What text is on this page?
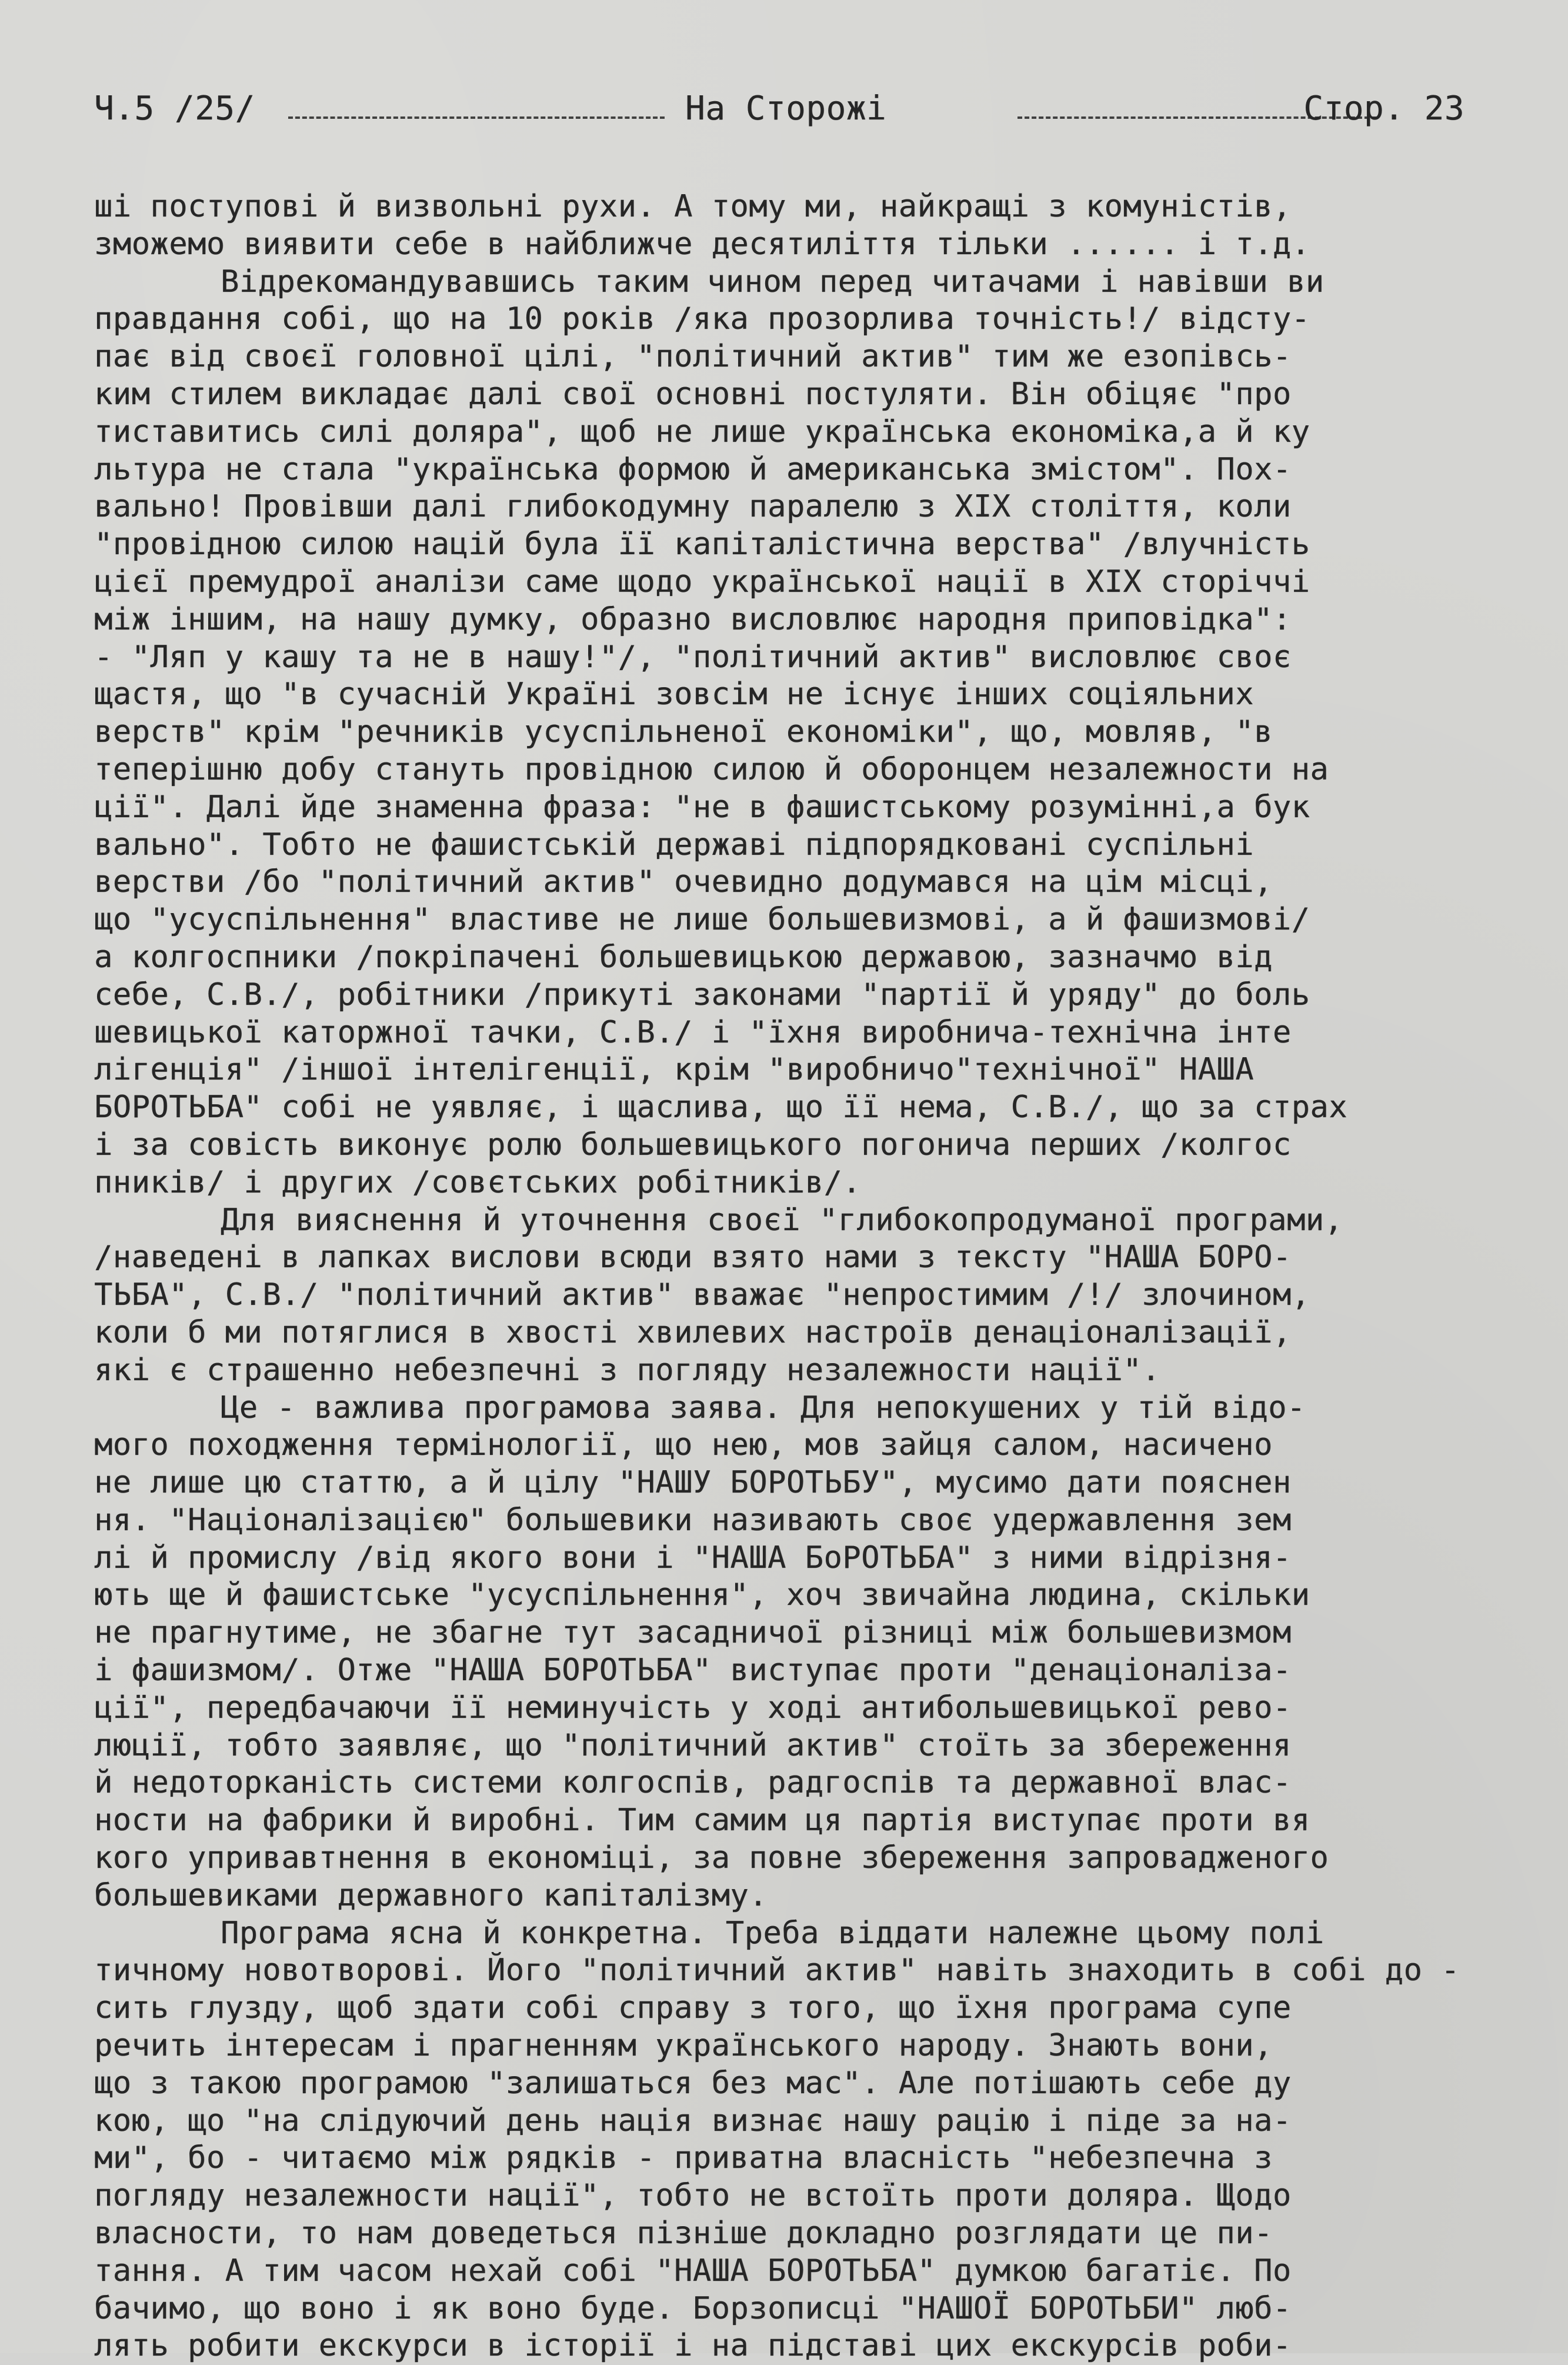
Ч.5 /25/

	На Сторожі

	Стор. 23

ші поступові й визвольні рухи. А тому ми, найкращі з комуністів,
зможемо виявити себе в найближче десятиліття тільки ...... і т.д.
Відрекомандувавшись таким чином перед читачами і навівши ви
правдання собі, що на 10 років /яка прозорлива точність!/ відсту-
пає від своєї головної цілі, "політичний актив" тим же езопівсь-
ким стилем викладає далі свої основні постуляти. Він обіцяє "про
тиставитись силі доляра", щоб не лише українська економіка,а й ку
льтура не стала "українська формою й американська змістом". Пох-
вально! Провівши далі глибокодумну паралелю з XIX століття, коли
"провідною силою націй була її капіталістична верства" /влучність
цієї премудрої аналізи саме щодо української нації в XIX сторіччі
між іншим, на нашу думку, образно висловлює народня приповідка":
- "Ляп у кашу та не в нашу!"/, "політичний актив" висловлює своє
щастя, що "в сучасній Україні зовсім не існує інших соціяльних
верств" крім "речників усуспільненої економіки", що, мовляв, "в
теперішню добу стануть провідною силою й оборонцем незалежности на
ції". Далі йде знаменна фраза: "не в фашистському розумінні,а бук
вально". Тобто не фашистській державі підпорядковані суспільні
верстви /бо "політичний актив" очевидно додумався на цім місці,
що "усуспільнення" властиве не лише большевизмові, а й фашизмові/
а колгоспники /покріпачені большевицькою державою, зазначмо від
себе, С.В./, робітники /прикуті законами "партії й уряду" до боль
шевицької каторжної тачки, С.В./ і "їхня виробнича-технічна інте
лігенція" /іншої інтелігенції, крім "виробничо"технічної" НАША
БОРОТЬБА" собі не уявляє, і щаслива, що її нема, С.В./, що за страх
і за совість виконує ролю большевицького погонича перших /колгос
пників/ і других /совєтських робітників/.
Для вияснення й уточнення своєї "глибокопродуманої програми,
/наведені в лапках вислови всюди взято нами з тексту "НАША БОРО-
ТЬБА", С.В./ "політичний актив" вважає "непростимим /!/ злочином,
коли б ми потяглися в хвості хвилевих настроїв денаціоналізації,
які є страшенно небезпечні з погляду незалежности нації".
Це - важлива програмова заява. Для непокушених у тій відо-
мого походження термінології, що нею, мов зайця салом, насичено
не лише цю статтю, а й цілу "НАШУ БОРОТЬБУ", мусимо дати пояснен
ня. "Націоналізацією" большевики називають своє удержавлення зем
лі й промислу /від якого вони і "НАША БоРОТЬБА" з ними відрізня-
ють ще й фашистське "усуспільнення", хоч звичайна людина, скільки
не прагнутиме, не збагне тут засадничої різниці між большевизмом
і фашизмом/. Отже "НАША БОРОТЬБА" виступає проти "денаціоналіза-
ції", передбачаючи її неминучість у ході антибольшевицької рево-
люції, тобто заявляє, що "політичний актив" стоїть за збереження
й недоторканість системи колгоспів, радгоспів та державної влас-
ности на фабрики й виробні. Тим самим ця партія виступає проти вя
кого упривавтнення в економіці, за повне збереження запровадженого
большевиками державного капіталізму.
Програма ясна й конкретна. Треба віддати належне цьому полі
тичному новотворові. Його "політичний актив" навіть знаходить в собі до -
сить глузду, щоб здати собі справу з того, що їхня програма супе
речить інтересам і прагненням українського народу. Знають вони,
що з такою програмою "залишаться без мас". Але потішають себе ду
кою, що "на слідуючий день нація визнає нашу рацію і піде за на-
ми", бо - читаємо між рядків - приватна власність "небезпечна з
погляду незалежности нації", тобто не встоїть проти доляра. Щодо
власности, то нам доведеться пізніше докладно розглядати це пи-
тання. А тим часом нехай собі "НАША БОРОТЬБА" думкою багатіє. По
бачимо, що воно і як воно буде. Борзописці "НАШОЇ БОРОТЬБИ" люб-
лять робити екскурси в історії і на підставі цих екскурсів роби-
